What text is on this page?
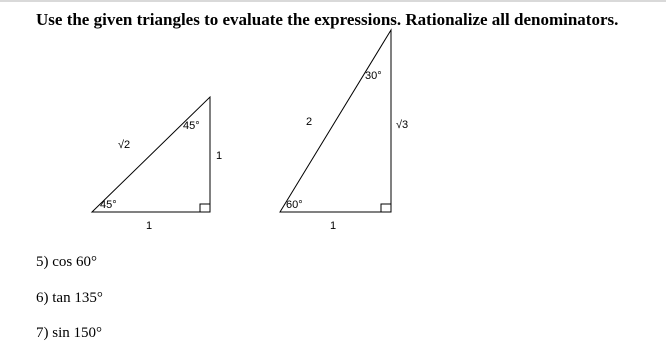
Use the given triangles to evaluate the expressions. Rationalize all denominators.
√2
45°
45°
1
1
30°
2	√3
60°
1
5) cos 60°
6) tan 135°
7) sin 150°
